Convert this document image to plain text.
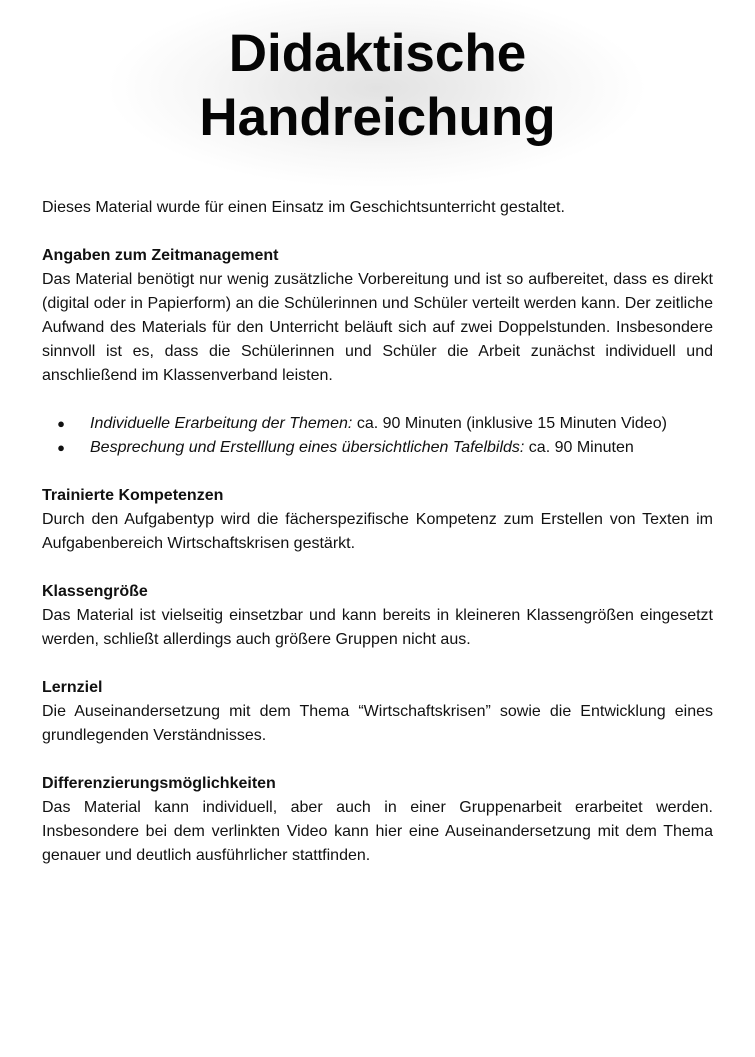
Didaktische
Handreichung

Dieses Material wurde für einen Einsatz im Geschichtsunterricht gestaltet.

Angaben zum Zeitmanagement

Das Material benötigt nur wenig zusätzliche Vorbereitung und ist so aufbereitet, dass es direkt (digital oder in Papierform) an die Schülerinnen und Schüler verteilt werden kann. Der zeitliche Aufwand des Materials für den Unterricht beläuft sich auf zwei Doppelstunden. Insbesondere sinnvoll ist es, dass die Schülerinnen und Schüler die Arbeit zunächst individuell und anschließend im Klassenverband leisten.

● Individuelle Erarbeitung der Themen: ca. 90 Minuten (inklusive 15 Minuten Video)
● Besprechung und Erstelllung eines übersichtlichen Tafelbilds: ca. 90 Minuten
Trainierte Kompetenzen

Durch den Aufgabentyp wird die fächerspezifische Kompetenz zum Erstellen von Texten im Aufgabenbereich Wirtschaftskrisen gestärkt.

Klassengröße

Das Material ist vielseitig einsetzbar und kann bereits in kleineren Klassengrößen eingesetzt werden, schließt allerdings auch größere Gruppen nicht aus.

Lernziel

Die Auseinandersetzung mit dem Thema “Wirtschaftskrisen” sowie die Entwicklung eines grundlegenden Verständnisses.

Differenzierungsmöglichkeiten

Das Material kann individuell, aber auch in einer Gruppenarbeit erarbeitet werden. Insbesondere bei dem verlinkten Video kann hier eine Auseinandersetzung mit dem Thema genauer und deutlich ausführlicher stattfinden.
